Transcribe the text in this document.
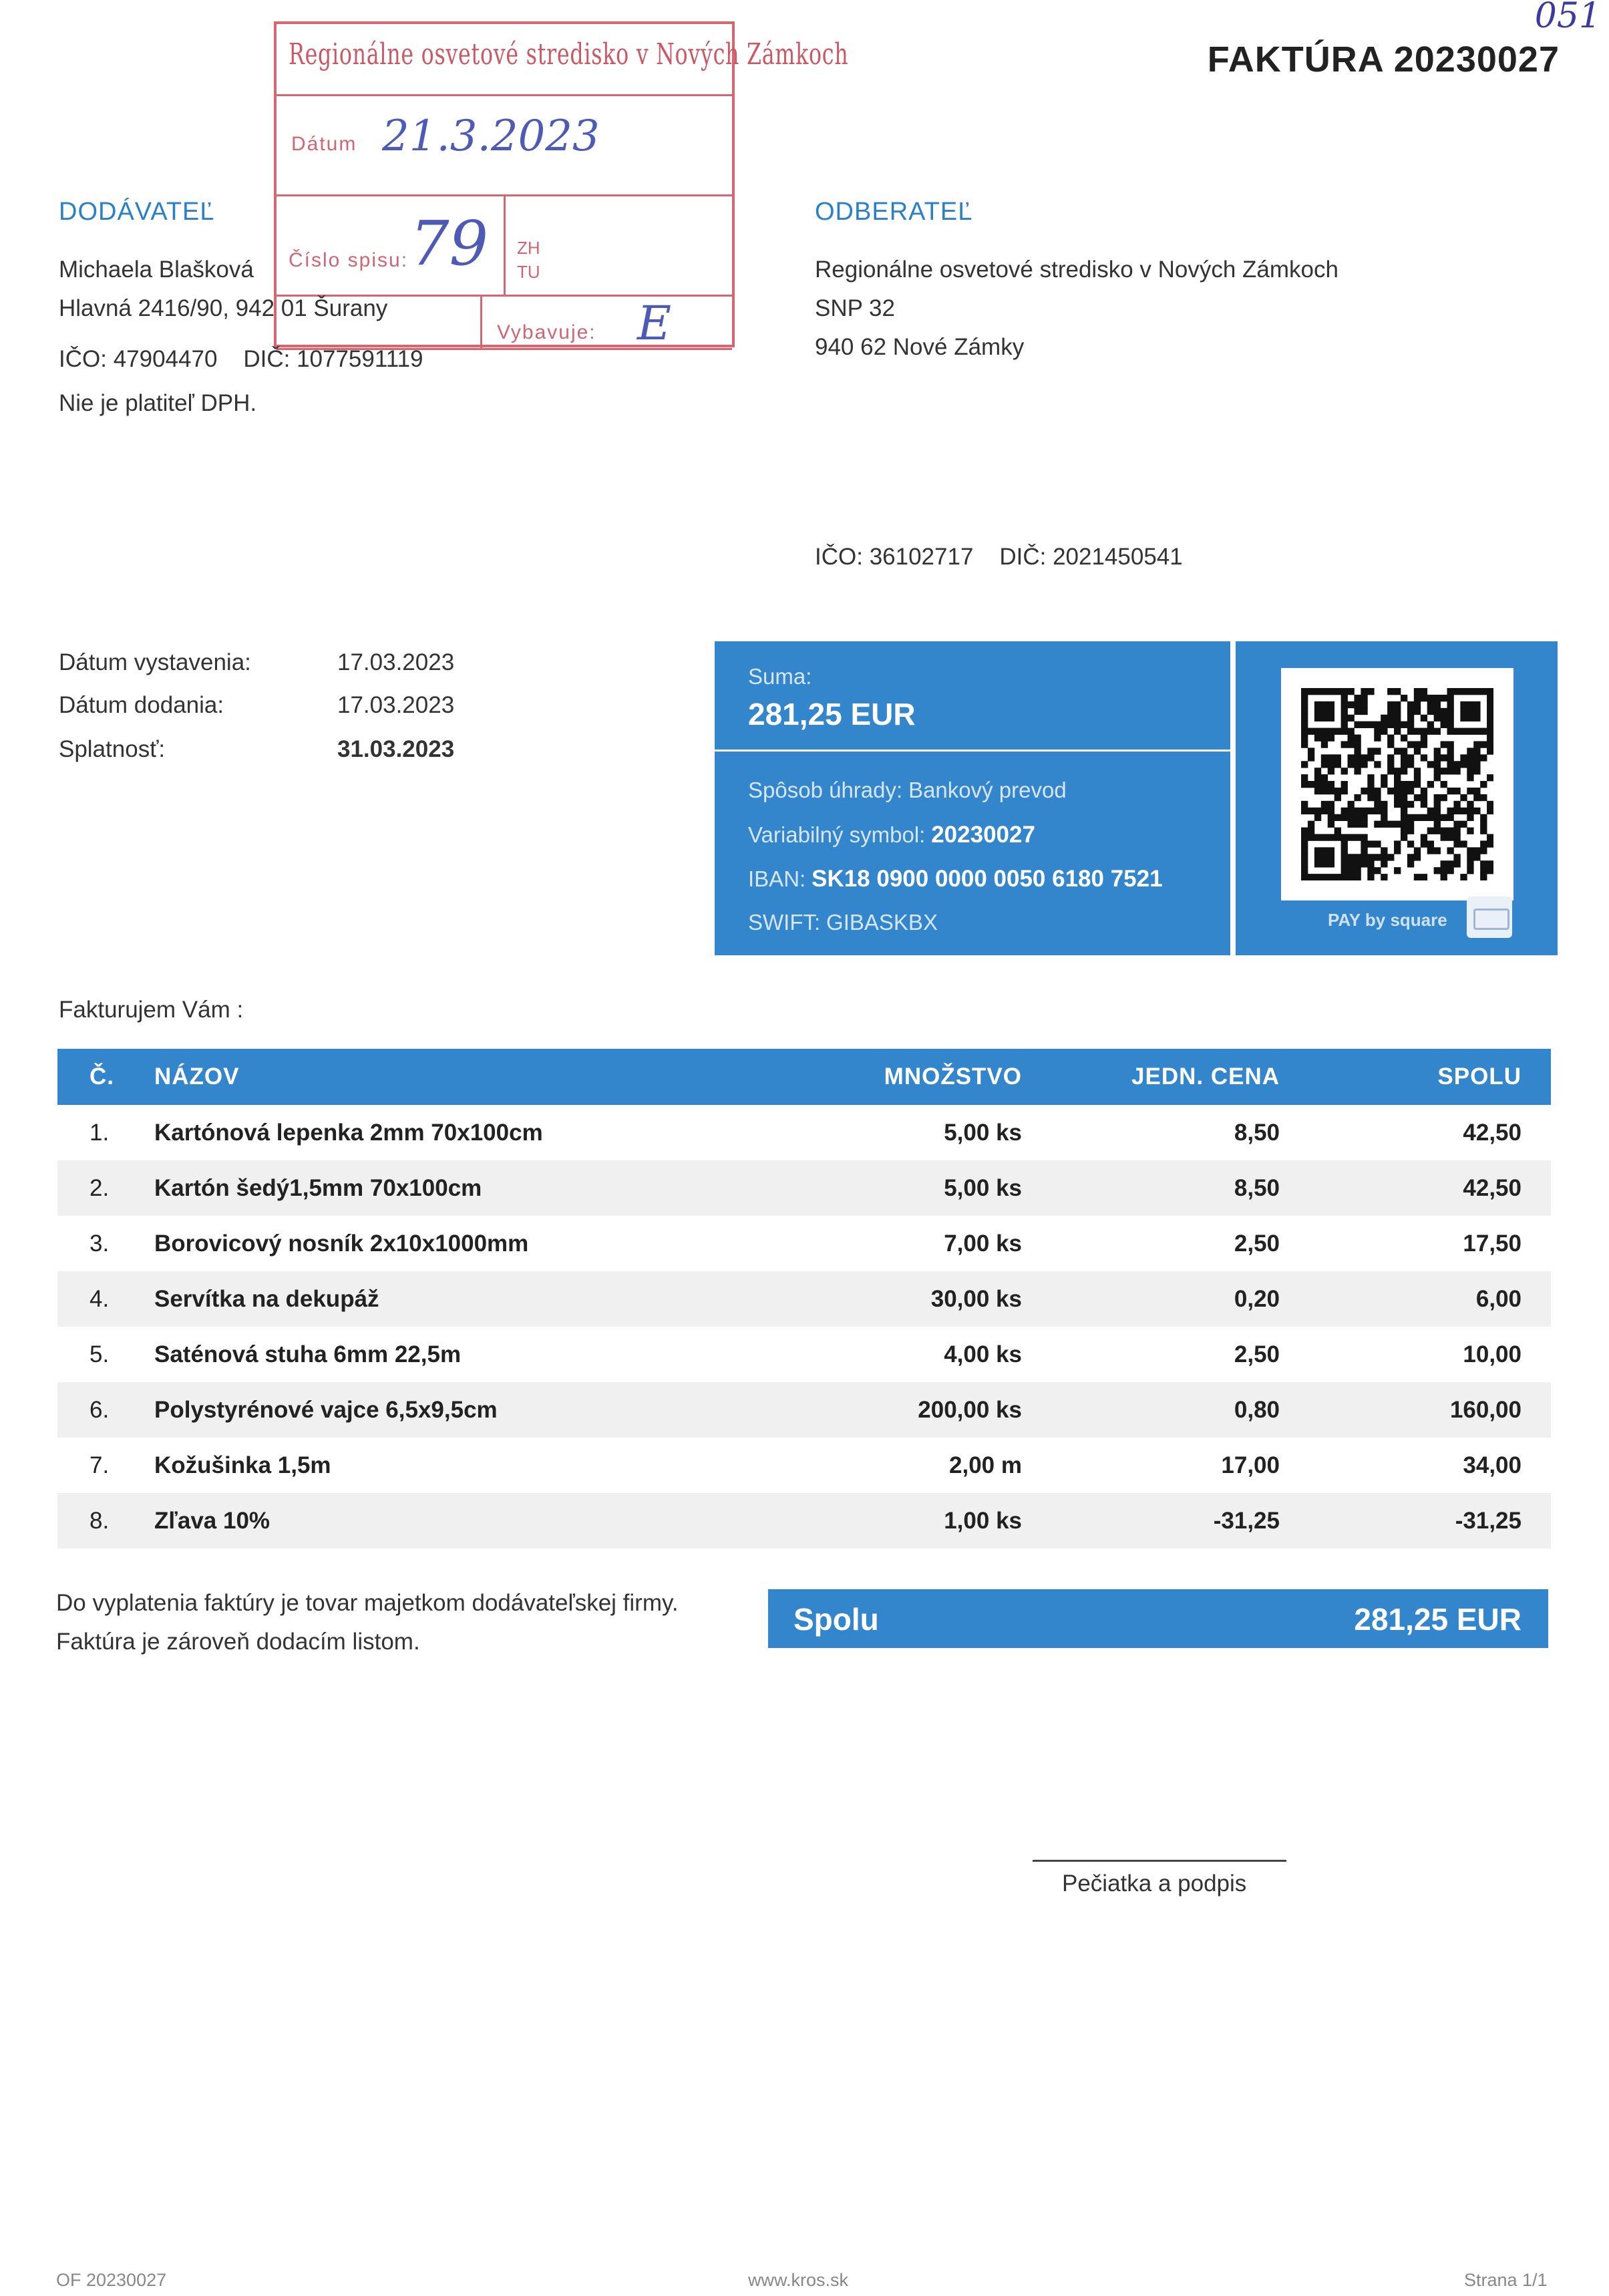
FAKTÚRA 20230027
051
Regionálne osvetové stredisko v Nových Zámkoch
Dátum 21.3.2023
Číslo spisu: 79 ZH
TU
Vybavuje: E
DODÁVATEĽ
Michaela Blašková
Hlavná 2416/90, 942 01 Šurany
IČO: 47904470 DIČ: 1077591119
Nie je platiteľ DPH.
ODBERATEĽ
Regionálne osvetové stredisko v Nových Zámkoch
SNP 32
940 62 Nové Zámky
IČO: 36102717 DIČ: 2021450541
Dátum vystavenia:	17.03.2023
Dátum dodania:	17.03.2023
Splatnosť:	31.03.2023
Suma:
281,25 EUR
Spôsob úhrady: Bankový prevod
Variabilný symbol: 20230027
IBAN: SK18 0900 0000 0050 6180 7521
SWIFT: GIBASKBX	PAY by square
Fakturujem Vám :
Č. NÁZOV	MNOŽSTVO	JEDN. CENA	SPOLU
1. Kartónová lepenka 2mm 70x100cm	5,00 ks	8,50	42,50
2. Kartón šedý1,5mm 70x100cm	5,00 ks	8,50	42,50
3. Borovicový nosník 2x10x1000mm	7,00 ks	2,50	17,50
4. Servítka na dekupáž	30,00 ks	0,20	6,00
5. Saténová stuha 6mm 22,5m	4,00 ks	2,50	10,00
6. Polystyrénové vajce 6,5x9,5cm	200,00 ks	0,80	160,00
7. Kožušinka 1,5m	2,00 m	17,00	34,00
8. Zľava 10%	1,00 ks	-31,25	-31,25
Do vyplatenia faktúry je tovar majetkom dodávateľskej firmy.
Faktúra je zároveň dodacím listom.
Spolu	281,25 EUR
Pečiatka a podpis
OF 20230027	www.kros.sk	Strana 1/1
